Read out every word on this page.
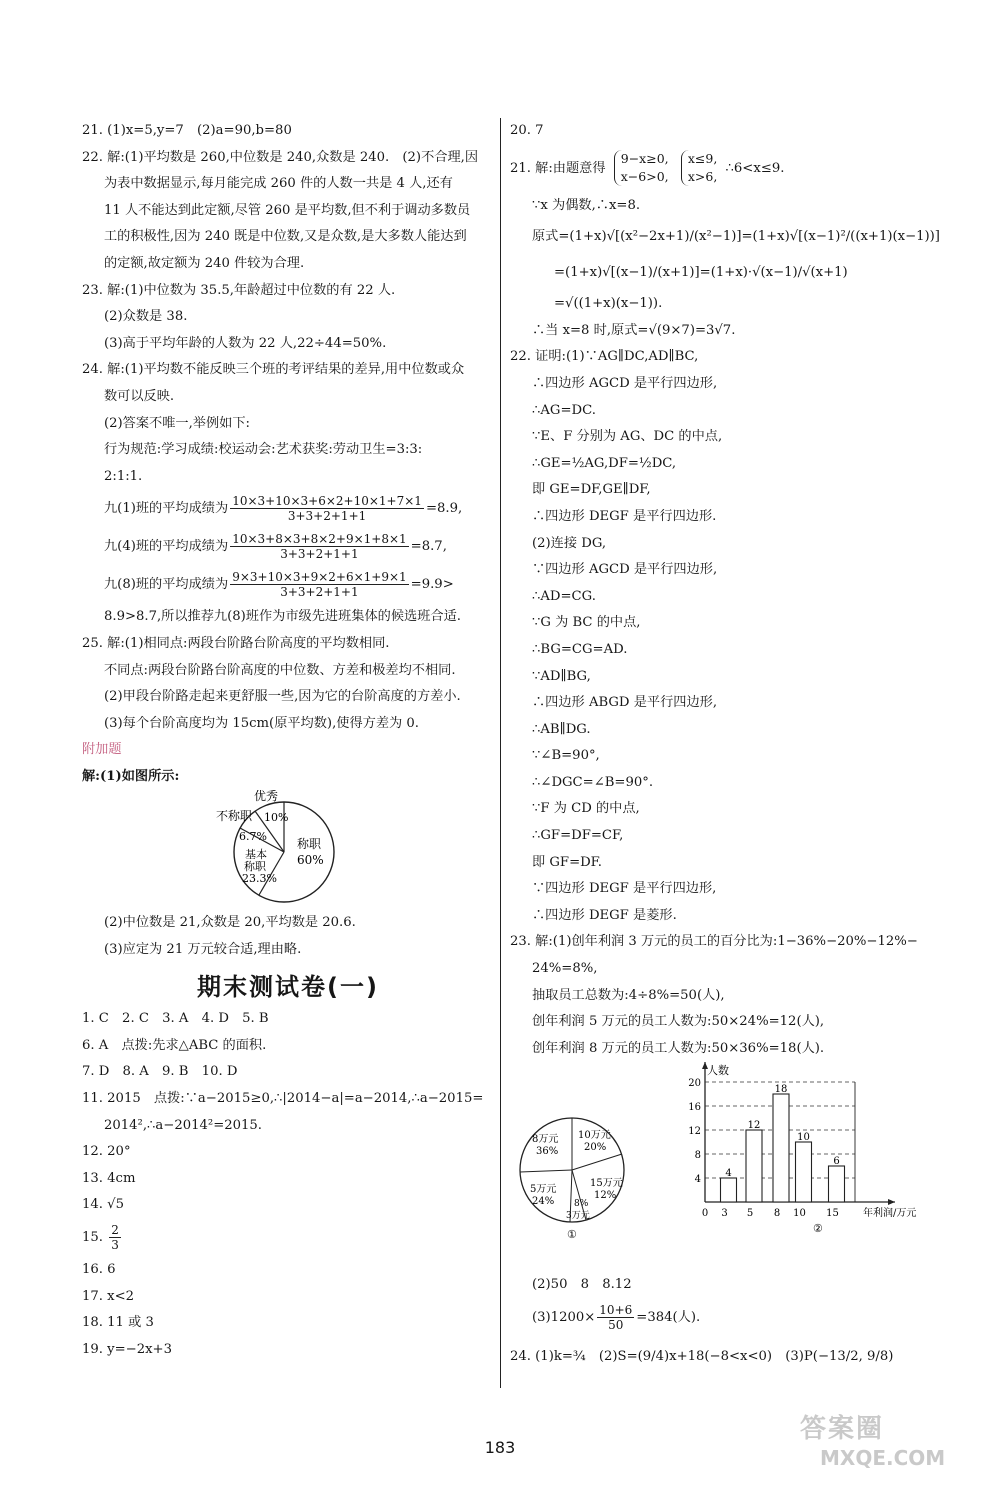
21. (1)x=5,y=7　(2)a=90,b=80
22. 解:(1)平均数是 260,中位数是 240,众数是 240.　(2)不合理,因
为表中数据显示,每月能完成 260 件的人数一共是 4 人,还有
11 人不能达到此定额,尽管 260 是平均数,但不利于调动多数员
工的积极性,因为 240 既是中位数,又是众数,是大多数人能达到
的定额,故定额为 240 件较为合理.
23. 解:(1)中位数为 35.5,年龄超过中位数的有 22 人.
(2)众数是 38.
(3)高于平均年龄的人数为 22 人,22÷44=50%.
24. 解:(1)平均数不能反映三个班的考评结果的差异,用中位数或众
数可以反映.
(2)答案不唯一,举例如下:
行为规范:学习成绩:校运动会:艺术获奖:劳动卫生=3:3:
2:1:1.
九(1)班的平均成绩为 $\frac{10\times 3+10\times 3+6\times 2+10\times 1+7\times 1}{3+3+2+1+1} =8.9$,
九(4)班的平均成绩为 $\frac{10\times 3+8\times 3+8\times 2+9\times 1+8\times 1}{3+3+2+1+1} =8.7$,
九(8)班的平均成绩为 $\frac{9\times 3+10\times 3+9\times 2+6\times 1+9\times 1}{3+3+2+1+1} =9.9>$
8.9>8.7,所以推荐九(8)班作为市级先进班集体的候选班合适.
25. 解:(1)相同点:两段台阶路台阶高度的平均数相同.
不同点:两段台阶路台阶高度的中位数、方差和极差均不相同.
(2)甲段台阶路走起来更舒服一些,因为它的台阶高度的方差小.
(3)每个台阶高度均为 15cm(原平均数),使得方差为 0.
附加题
解:(1)如图所示:
优秀
不称职 10%
6.7%
基本
称职
23.3%
称职
60%
(2)中位数是 21,众数是 20,平均数是 20.6.
(3)应定为 21 万元较合适,理由略.
期末测试卷(一)
1. C　2. C　3. A　4. D　5. B
6. A　点拨:先求△ABC 的面积.
7. D　8. A　9. B　10. D
11. 2015　点拨:∵a−2015≥0,∴|2014−a|=a−2014,∴a−2015=
2014²,∴a−2014²=2015.
12. 20°
13. 4cm
14. √5
15. $\frac{2}{3}$
16. 6
17. x<2
18. 11 或 3
19. y=−2x+3
20. 7
21. 解:由题意得 9−x≥0,
x−6>0, x≤9,
x>6, ∴6<x≤9.
∵x 为偶数,∴x=8.
原式=(1+x)√[(x²−2x+1)/(x²−1)]=(1+x)√[(x−1)²/((x+1)(x−1))]
=(1+x)√[(x−1)/(x+1)]=(1+x)·√(x−1)/√(x+1)
=√((1+x)(x−1)).
∴当 x=8 时,原式=√(9×7)=3√7.
22. 证明:(1)∵AG∥DC,AD∥BC,
∴四边形 AGCD 是平行四边形,
∴AG=DC.
∵E、F 分别为 AG、DC 的中点,
∴GE=½AG,DF=½DC,
即 GE=DF,GE∥DF,
∴四边形 DEGF 是平行四边形.
(2)连接 DG,
∵四边形 AGCD 是平行四边形,
∴AD=CG.
∵G 为 BC 的中点,
∴BG=CG=AD.
∵AD∥BG,
∴四边形 ABGD 是平行四边形,
∴AB∥DG.
∵∠B=90°,
∴∠DGC=∠B=90°.
∵F 为 CD 的中点,
∴GF=DF=CF,
即 GF=DF.
∵四边形 DEGF 是平行四边形,
∴四边形 DEGF 是菱形.
23. 解:(1)创年利润 3 万元的员工的百分比为:1−36%−20%−12%−
24%=8%,
抽取员工总数为:4÷8%=50(人),
创年利润 5 万元的员工人数为:50×24%=12(人),
创年利润 8 万元的员工人数为:50×36%=18(人).
8万元
36%
10万元
20%
5万元
24%
15万元
12%
8%
3万元
①
4
8
12
16
20
人数
0 3 5 8 10 15 年利润/万元
4
12
18
10
6
②
(2)50　8　8.12
$(3)1200\times \frac{10+6}{50} =384$(人).
24. (1)k=¾　(2)S=(9/4)x+18(−8<x<0)　(3)P(−13/2, 9/8)
183
答案圈
MXQE.COM
